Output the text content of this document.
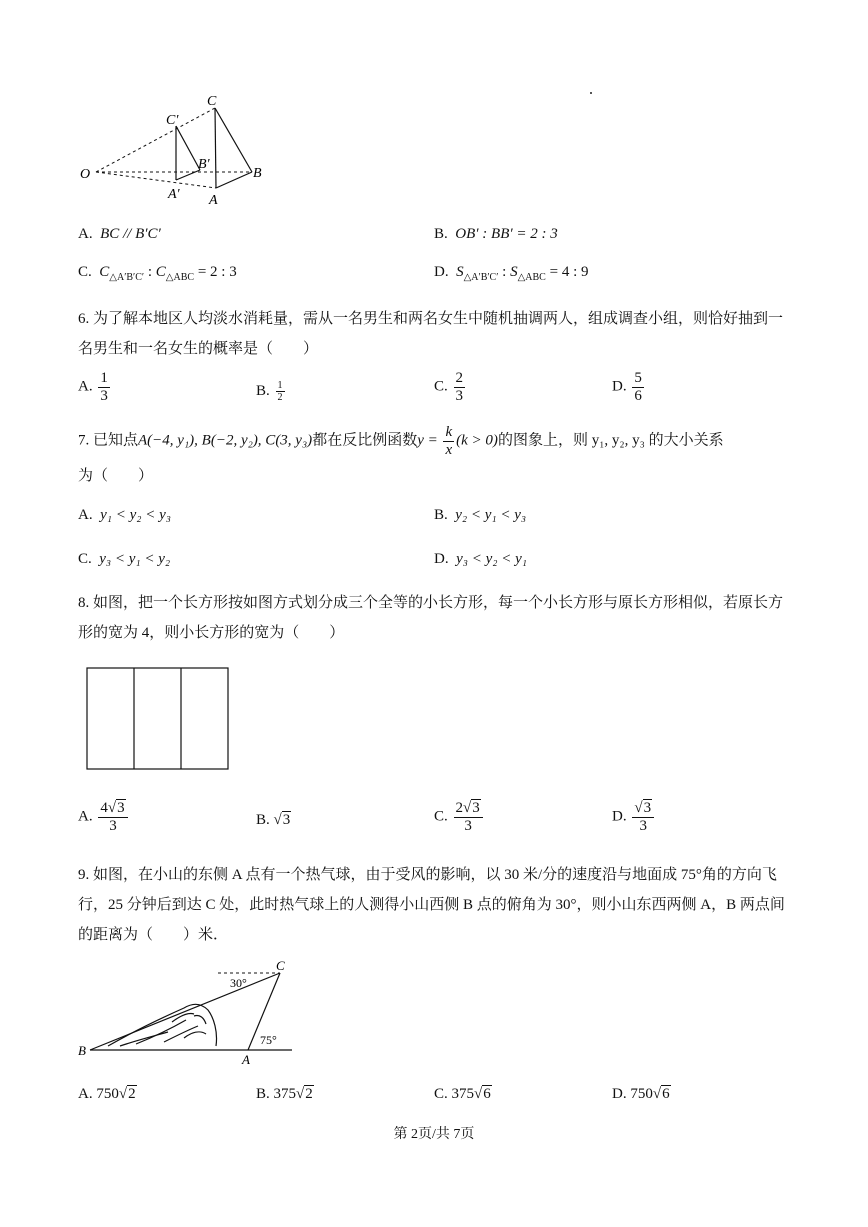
C
C′
B′
O	B
A′ A
A. BC // B′C′	B. OB′ : BB′ = 2 : 3
C. $C_{\triangle A'B'C'}$ : $C_{\triangle ABC} = 2$ : 3	D. $S_{\triangle A'B'C'}$ : $S_{\triangle ABC} = 4$ : 9
6. 为了解本地区人均淡水消耗量，需从一名男生和两名女生中随机抽调两人，组成调查小组，则恰好抽到一名男生和一名女生的概率是（　　）
A. $\frac{1}{3}$	B. $\frac{1}{2}$	C. $\frac{2}{3}$	D. $\frac{5}{6}$
7. 已知点A(−4, y₁), B(−2, y₂), C(3, y₃)都在反比例函数$y = \frac{k}{x} (k > 0)$的图象上，则 y₁, y₂, y₃ 的大小关系
为（　　）
A. y₁ < y₂ < y₃	B. y₂ < y₁ < y₃
C. y₃ < y₁ < y₂	D. y₃ < y₂ < y₁
8. 如图，把一个长方形按如图方式划分成三个全等的小长方形，每一个小长方形与原长方形相似，若原长方形的宽为 4，则小长方形的宽为（　　）
A. $\frac{4√3}{3}$	B. √3	C. $\frac{2√3}{3}$	D. $\frac{√3}{3}$
9. 如图，在小山的东侧 A 点有一个热气球，由于受风的影响，以 30 米/分的速度沿与地面成 75°角的方向飞行，25 分钟后到达 C 处，此时热气球上的人测得小山西侧 B 点的俯角为 30°，则小山东西两侧 A，B 两点间的距离为（　　）米．
C
30°
75°
B
A
A. 750√2	B. 375√2	C. 375√6	D. 750√6
第 2页/共 7页
